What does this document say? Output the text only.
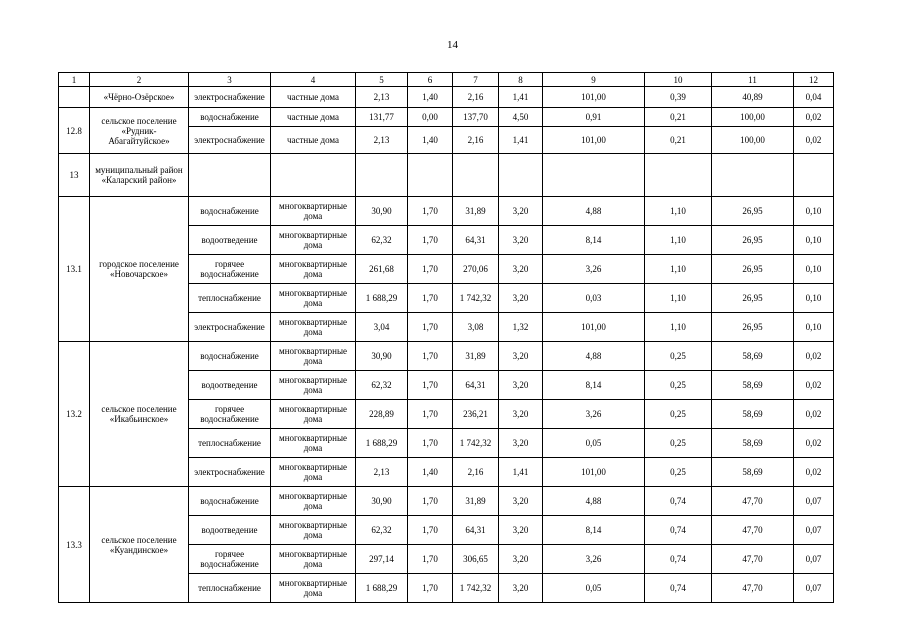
14
1	2	3	4	5	6	7	8	9	10	11	12
	«Чёрно-Озёрское»	электроснабжение	частные дома	2,13	1,40	2,16	1,41	101,00	0,39	40,89	0,04
12.8	сельское поселение «Рудник-Абагайтуйское»	водоснабжение	частные дома	131,77	0,00	137,70	4,50	0,91	0,21	100,00	0,02
		электроснабжение	частные дома	2,13	1,40	2,16	1,41	101,00	0,21	100,00	0,02
13	муниципальный район «Каларский район»										
13.1	городское поселение «Новочарское»	водоснабжение	многоквартирные дома	30,90	1,70	31,89	3,20	4,88	1,10	26,95	0,10
		водоотведение	многоквартирные дома	62,32	1,70	64,31	3,20	8,14	1,10	26,95	0,10
		горячее водоснабжение	многоквартирные дома	261,68	1,70	270,06	3,20	3,26	1,10	26,95	0,10
		теплоснабжение	многоквартирные дома	1 688,29	1,70	1 742,32	3,20	0,03	1,10	26,95	0,10
		электроснабжение	многоквартирные дома	3,04	1,70	3,08	1,32	101,00	1,10	26,95	0,10
13.2	сельское поселение «Икабьинское»	водоснабжение	многоквартирные дома	30,90	1,70	31,89	3,20	4,88	0,25	58,69	0,02
		водоотведение	многоквартирные дома	62,32	1,70	64,31	3,20	8,14	0,25	58,69	0,02
		горячее водоснабжение	многоквартирные дома	228,89	1,70	236,21	3,20	3,26	0,25	58,69	0,02
		теплоснабжение	многоквартирные дома	1 688,29	1,70	1 742,32	3,20	0,05	0,25	58,69	0,02
		электроснабжение	многоквартирные дома	2,13	1,40	2,16	1,41	101,00	0,25	58,69	0,02
13.3	сельское поселение «Куандинское»	водоснабжение	многоквартирные дома	30,90	1,70	31,89	3,20	4,88	0,74	47,70	0,07
		водоотведение	многоквартирные дома	62,32	1,70	64,31	3,20	8,14	0,74	47,70	0,07
		горячее водоснабжение	многоквартирные дома	297,14	1,70	306,65	3,20	3,26	0,74	47,70	0,07
		теплоснабжение	многоквартирные дома	1 688,29	1,70	1 742,32	3,20	0,05	0,74	47,70	0,07
